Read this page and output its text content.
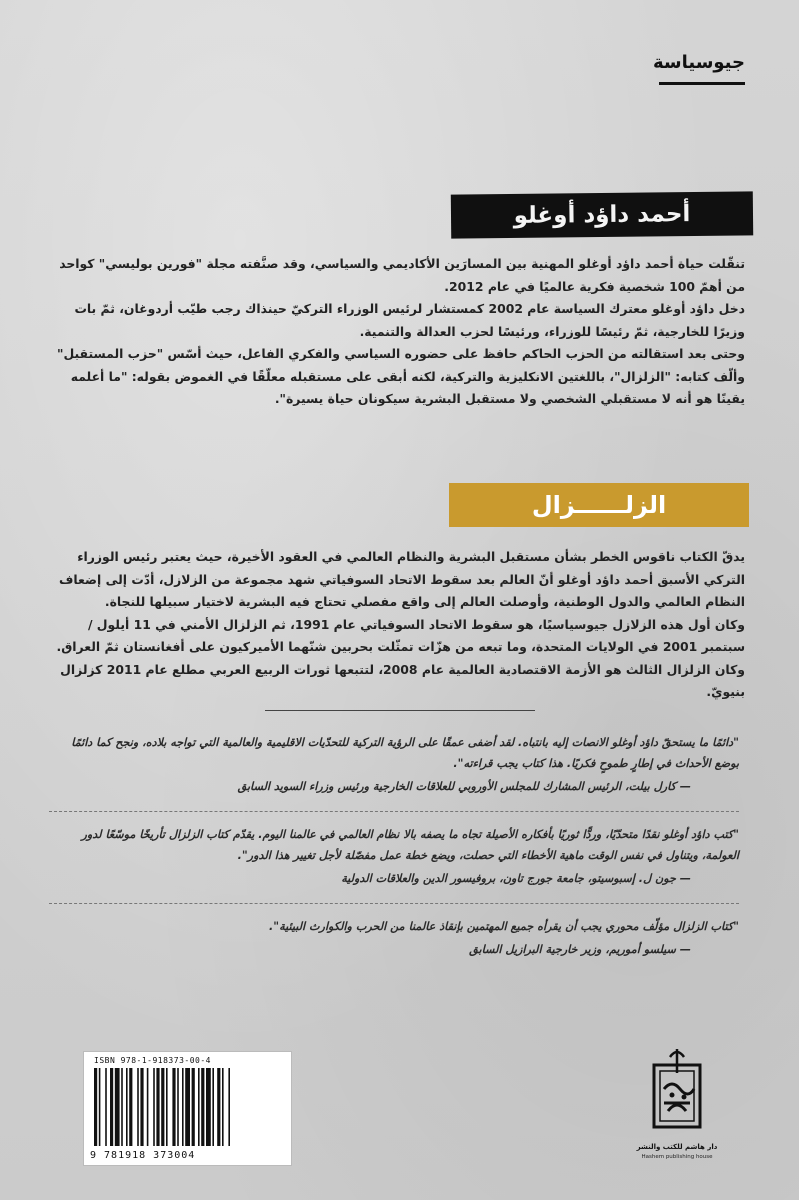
جيوسياسة
أحمد داؤد أوغلو

تنقّلت حياة أحمد داؤد أوغلو المهنية بين المسارَين الأكاديمي والسياسي، وقد صنَّفته مجلة "فورين بوليسي" كواحد من أهمّ 100 شخصية فكرية عالميًا في عام 2012.

دخل داؤد أوغلو معترك السياسة عام 2002 كمستشار لرئيس الوزراء التركيّ حينذاك رجب طيّب أردوغان، ثمّ بات وزيرًا للخارجية، ثمّ رئيسًا للوزراء، ورئيسًا لحزب العدالة والتنمية.

وحتى بعد استقالته من الحزب الحاكم حافظ على حضوره السياسي والفكري الفاعل، حيث أسّس "حزب المستقبل" وألّف كتابه: "الزلزال"، باللغتين الانكليزية والتركية، لكنه أبقى على مستقبله معلّقًا في الغموض بقوله: "ما أعلمه يقينًا هو أنه لا مستقبلي الشخصي ولا مستقبل البشرية سيكونان حياة يسيرة".

الزلــــــزال

يدقّ الكتاب ناقوس الخطر بشأن مستقبل البشرية والنظام العالمي في العقود الأخيرة، حيث يعتبر رئيس الوزراء التركي الأسبق أحمد داؤد أوغلو أنّ العالم بعد سقوط الاتحاد السوفياتي شهد مجموعة من الزلازل، أدّت إلى إضعاف النظام العالمي والدول الوطنية، وأوصلت العالم إلى واقع مفصلي تحتاج فيه البشرية لاختيار سبيلها للنجاة.

وكان أول هذه الزلازل جيوسياسيًا، هو سقوط الاتحاد السوفياتي عام 1991، ثم الزلزال الأمني في 11 أيلول / سبتمبر 2001 في الولايات المتحدة، وما تبعه من هزّات تمثّلت بحربين شنّهما الأميركيون على أفغانستان ثمّ العراق. وكان الزلزال الثالث هو الأزمة الاقتصادية العالمية عام 2008، لتتبعها ثورات الربيع العربي مطلع عام 2011 كزلزال بنيويّ.

"دائمًا ما يستحقّ داؤد أوغلو الانصات إليه بانتباه. لقد أضفى عمقًا على الرؤية التركية للتحدّيات الاقليمية والعالمية التي تواجه بلاده، ونجح كما دائمًا بوضع الأحداث في إطارٍ طموحٍ فكريًا. هذا كتاب يجب قراءته".

— كارل بيلت، الرئيس المشارك للمجلس الأوروبي للعلاقات الخارجية ورئيس وزراء السويد السابق

"كتب داؤد أوغلو نقدًا متحدّيًا، وردًّا ثوريًا بأفكاره الأصيلة تجاه ما يصفه بالا نظام العالمي في عالمنا اليوم. يقدّم كتاب الزلزال تأريخًا موسّعًا لدور العولمة، ويتناول في نفس الوقت ماهية الأخطاء التي حصلت، ويضع خطة عمل مفصّلة لأجل تغيير هذا الدور".

— جون ل. إسبوسيتو، جامعة جورج تاون، بروفيسور الدين والعلاقات الدولية

"كتاب الزلزال مؤلّف محوري يجب أن يقرأه جميع المهتمين بإنقاذ عالمنا من الحرب والكوارث البيئية".

— سيلسو أموريم، وزير خارجية البرازيل السابق

ISBN 978-1-918373-00-4
9 781918 373004
دار هاشم للكتب والنشر
Hashem publishing house
